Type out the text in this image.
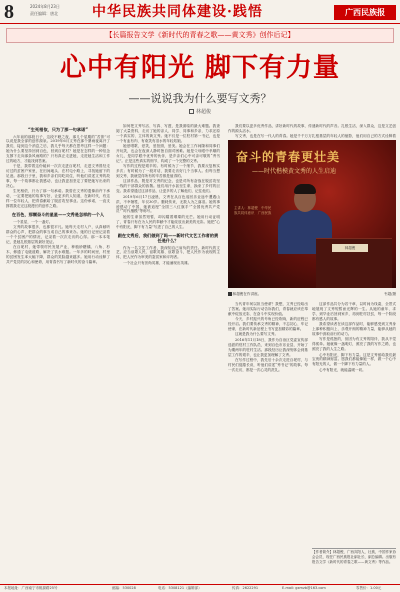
8	2024年8月23日
责任编辑：唐北 中华民族共同体建设·践悟	广西民族报
【长篇报告文学《新时代的青春之歌——黄文秀》创作后记】
心中有阳光 脚下有力量
——说说我为什么要写文秀？
林超俊
“生死相依，只为了那一句承诺”

六年前的那段日子，这段不眠之夜，那几个星期的“苦旅”可以说是我全部的创作源泉。2019年6月文秀在那个暴雨夜离开了我们，接到这个消息之后，我几乎每天都在思考这样一个问题：她为什么要坚持回到百色，回到百坭村？她是在怎样的一种信念支撑下走向那条风雨路的？只有真正走进她，走进她生活和工作过的地方，才能找到答案。

于是，我带着这份疑问一次次走进百坭村，走进文秀曾经走访过的贫困户家里，在田间地头、在村屯小路上，寻找她留下的足迹。那段日子里，我和乡亲们同吃同住，听他们讲述文秀的故事，每一个故事都让我感动，也让我更加坚定了要把她写出来的决心。

生死相依，只为了那一句承诺。我曾在文秀的遗像前许下承诺，一定要把她的故事写好，让更多的人知道，在新时代，有这样一位年轻人，把青春献给了脱贫攻坚事业。这份承诺，一直支撑着我走完这段漫长的创作之路。

在百色，那颗奋斗的星星——文秀是怎样的一个人

一个星星，一个一盏灯。

文秀的故事很多，也都很平凡。她每天走村入户，认真倾听群众的心声，把群众的事当成自己的事来办。她的日记里记录着一个个贫困户的情况，记录着一次次走访的心得。那一本本笔记，是她扎根基层的最好见证。

在百坭村，她带领村民发展产业，种植砂糖橘、八角、杉木，修通了屯级道路，解决了饮水难题。一年多的时间里，村里的贫困发生率大幅下降，群众的笑脸越来越多。她用行动诠释了共产党员的初心和使命，用青春书写了新时代的奋斗篇章。

如何把文秀写活、写真、写透，是我面临的最大难题。我查阅了大量资料，走访了她的亲人、同学、同事和乡亲，力求还原一个真实的、立体的黄文秀。她不仅是一位驻村第一书记，也是一个有血有肉、有欢笑有泪水的年轻姑娘。

她爱唱歌，爱笑，爱拍照，爱美。她会在工作间隙和同事们开玩笑，也会在夜深人静时独自面对困难。她是父母眼中孝顺的女儿，是同学眼中优秀的伙伴，是乡亲们心中可亲可敬的“秀书记”。正是这些真实的细节，构成了一个完整的文秀。

写作的过程是艰辛的。有时候为了一个细节，我要反复核实多次；有时候为了一段对话，我要走访好几个当事人。但每当想到文秀，我就觉得所有的辛苦都是值得的。

这部作品，既是对文秀的纪念，也是对所有奋战在脱贫攻坚一线的干部群众的致敬。他们用汗水甚至生命，换来了乡村的巨变。我希望通过这部作品，让更多的人了解他们，记住他们。

2019年6月17日凌晨，文秀在从百色返回乐业途中遭遇山洪，不幸牺牲，年仅30岁。噩耗传来，无数人为之落泪。她的事迹感动了中国，她被追授“全国三八红旗手”“全国优秀共产党员”“时代楷模”等称号。

她的生命虽然短暂，却闪耀着璀璨的光芒。她用行动证明了，青春只有在为人民的奉献中才能绽放出最美的光彩。她把“心中有阳光，脚下有力量”写进了自己的人生。

跟在文秀后，我们做到了吗——新时代文艺工作者的责任是什么？

作为一名文艺工作者，我深知自己肩负的责任。新时代的文艺，应当讴歌人民、讴歌英雄、讴歌奋斗，把人民作为表现的主体，把人民作为审美的鉴赏家和评判者。

一个社会只有崇尚英雄，才能涌现出英雄。

我们要以更多优秀作品，讲好新时代的故事，传递新时代的声音。扎根生活，深入群众，这是文艺创作的源头活水。

写文秀，也是在写一代人的青春。她是千千万万扎根基层的年轻人的缩影，他们用自己的方式诠释着

当代青年何以担当使命？我想，文秀已经给出了答案。她用实际行动告诉我们，青春就应该在奉献中绽放光彩，在奋斗中实现价值。

今天，乡村振兴的号角已经吹响，新的征程已经开启。我们要传承文秀的精神，不忘初心、牢记使命，在新时代新征程上书写更加精彩的篇章。

这就是我为什么要写文秀。

2016年11月18日，我作为自治区党委宣传部选派的驻村工作队员，来到百色市乐业县，开始了为期两年的驻村生活。那段经历让我深刻体会到基层工作的艰辛，也让我更加理解了文秀。

在写作过程中，我先后十余次走进百坭村，与村民们促膝长谈，听他们讲述“秀书记”的故事。每一次走访，都是一次心灵的洗礼。

这部作品共分为若干章，以时间为线索，全景式地展现了文秀短暂而光辉的一生。从她的童年、求学，到毕业后回到家乡，再到驻村扶贫，每一个阶段都有感人的故事。

我希望读者在读这部作品时，能够感受到文秀身上那种积极向上、乐观开朗的精神力量，能够从她的故事中汲取前行的动力。

写作是孤独的，但因为有文秀的陪伴，我从不觉得孤单。她就像一盏明灯，照亮了我的写作之路，也照亮了我的人生之路。

心中有阳光，脚下有力量。这是文秀留给我们最宝贵的精神财富。愿我们都能像她一样，做一个心中有阳光的人，做一个脚下有力量的人。

心中有阳光，就能温暖一切。

奋斗的青春更壮美
——时代楷模黄文秀的人生启迪
主讲人：林超俊　中华民族共同体意识　广西民族
林超俊
林超俊在作讲座。	韦超/摄
【作者简介】林超俊，广西宾阳人，壮族，中国作家协会会员，现任广西民族报社副社长、副总编辑。出版有报告文学《新时代的青春之歌——黄文秀》等作品。
本报地址：广西南宁市桃源路25号	邮编：530028	电话：5308121（编辑部）	传真：2622291	E-mail: gxmzb@163.com	零售价：1.00元
